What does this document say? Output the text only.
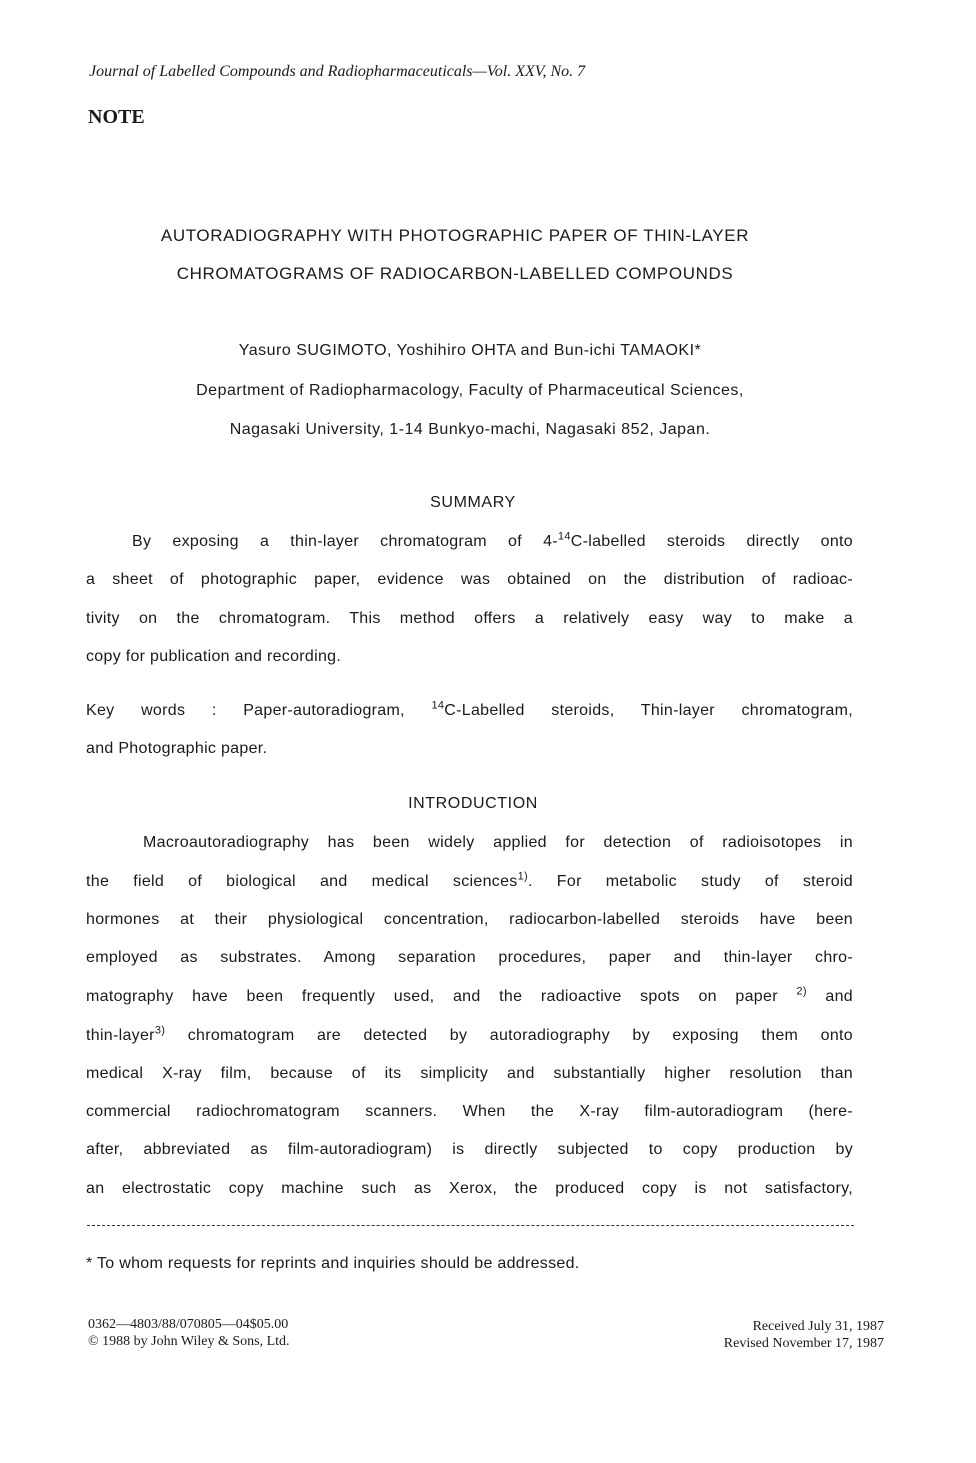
Journal of Labelled Compounds and Radiopharmaceuticals—Vol. XXV, No. 7
NOTE
AUTORADIOGRAPHY WITH PHOTOGRAPHIC PAPER OF THIN-LAYER
CHROMATOGRAMS OF RADIOCARBON-LABELLED COMPOUNDS
Yasuro SUGIMOTO, Yoshihiro OHTA and Bun-ichi TAMAOKI*
Department of Radiopharmacology, Faculty of Pharmaceutical Sciences,
Nagasaki University, 1-14 Bunkyo-machi, Nagasaki 852, Japan.
SUMMARY
By exposing a thin-layer chromatogram of 4-$^{14}$C-labelled steroids directly onto
a sheet of photographic paper, evidence was obtained on the distribution of radioac-
tivity on the chromatogram. This method offers a relatively easy way to make a
copy for publication and recording.
Key words : Paper-autoradiogram, $^{14}$C-Labelled steroids, Thin-layer chromatogram,
and Photographic paper.
INTRODUCTION
Macroautoradiography has been widely applied for detection of radioisotopes in
the field of biological and medical sciences$^{1)}$. For metabolic study of steroid
hormones at their physiological concentration, radiocarbon-labelled steroids have been
employed as substrates. Among separation procedures, paper and thin-layer chro-
matography have been frequently used, and the radioactive spots on paper $^{2)}$ and
thin-layer$^{3)}$ chromatogram are detected by autoradiography by exposing them onto
medical X-ray film, because of its simplicity and substantially higher resolution than
commercial radiochromatogram scanners. When the X-ray film-autoradiogram (here-
after, abbreviated as film-autoradiogram) is directly subjected to copy production by
an electrostatic copy machine such as Xerox, the produced copy is not satisfactory,
* To whom requests for reprints and inquiries should be addressed.
0362—4803/88/070805—04$05.00
© 1988 by John Wiley & Sons, Ltd.
Received July 31, 1987
Revised November 17, 1987
